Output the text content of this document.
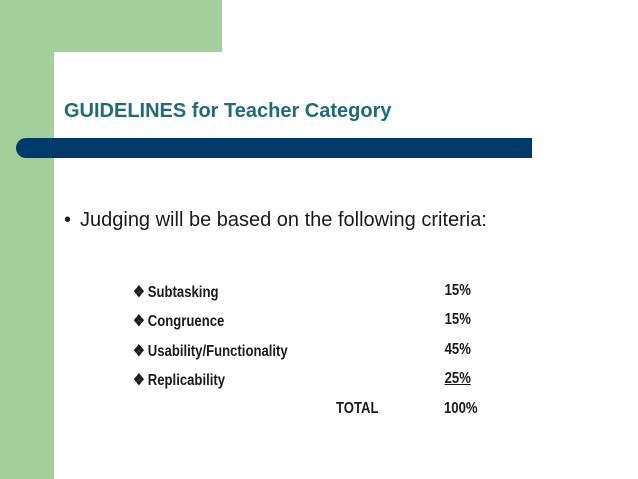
GUIDELINES for Teacher Category
• Judging will be based on the following criteria:
❖ Subtasking	15%
❖ Congruence	15%
❖ Usability/Functionality	45%
❖ Replicability	25%
TOTAL	100%
